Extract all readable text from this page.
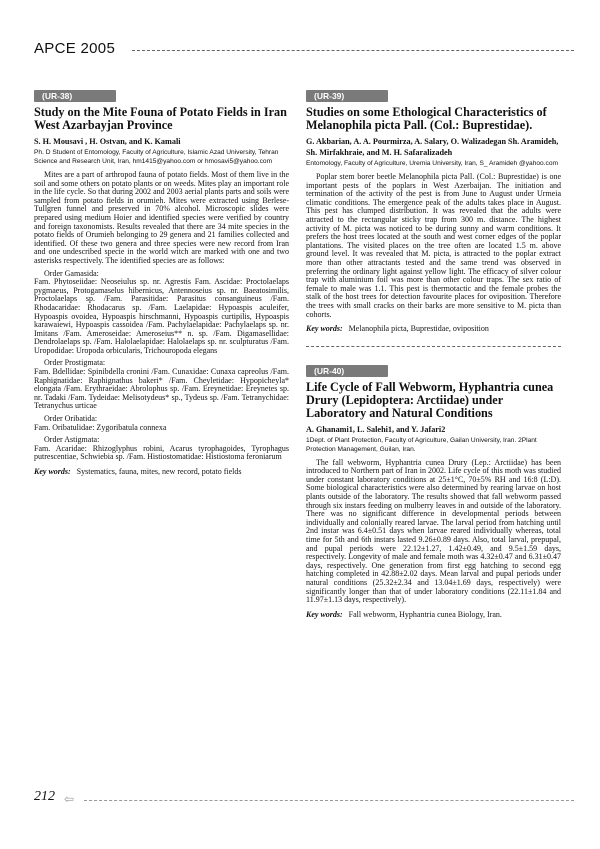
APCE 2005
(UR-38)
Study on the Mite Founa of Potato Fields in Iran West Azarbayjan Province
S. H. Mousavi , H. Ostvan, and K. Kamali
Ph. D Student of Entomology, Faculty of Agriculture, Islamic Azad University, Tehran Science and Research Unit, Iran, hm1415@yahoo.com or hmosavi5@yahoo.com

Mites are a part of arthropod fauna of potato fields. Most of them live in the soil and some others on potato plants or on weeds. Mites play an important role in the life cycle. So that during 2002 and 2003 aerial plants parts and soils were sampled from potato fields in orumieh. Mites were extracted using Berlese-Tullgren funnel and preserved in 70% alcohol. Microscopic slides were prepared using medium Hoier and identified species were verified by country and foreign taxonomists. Results revealed that there are 34 mite species in the potato fields of Orumieh belonging to 29 genera and 21 families collected and identified. Of these two genera and three species were new record from Iran and one undescribed specie in the world witch are marked with one and two asterisks respectively. The identified species are as follows:

Order Gamasida:
Fam. Phytoseiidae: Neoseiulus sp. nr. Agrestis Fam. Ascidae: Proctolaelaps pygmaeus, Protogamaselus hibernicus, Antennoseius sp. nr. Baeatosimilis, Proctolaelaps sp. /Fam. Parasitidae: Parasitus consanguineus /Fam. Rhodacaridae: Rhodacarus sp. /Fam. Laelapidae: Hypoaspis aculeifer, Hypoaspis ovoidea, Hypoaspis hirschmanni, Hypoaspis curtipilis, Hypoaspis karawaiewi, Hypoaspis cassoidea /Fam. Pachylaelapidae: Pachylaelaps sp. nr. Imitans /Fam. Ameroseidae: Ameroseius** n. sp. /Fam. Digamasellidae: Dendrolaelaps sp. /Fam. Halolaelapidae: Halolaelaps sp. nr. sculpturatus /Fam. Uropodidae: Uropoda orbicularis, Trichouropoda elegans
Order Prostigmata:
Fam. Bdellidae: Spinibdella cronini /Fam. Cunaxidae: Cunaxa capreolus /Fam. Raphignatidae: Raphignathus bakeri* /Fam. Cheyletidae: Hypopicheyla* elongata /Fam. Erythraeidae: Abrolophus sp. /Fam. Ereynetidae: Ereynetes sp. nr. Tadaki /Fam. Tydeidae: Melisotydeus* sp., Tydeus sp. /Fam. Tetranychidae: Tetranychus urticae
Order Oribatida:
Fam. Oribatulidae: Zygoribatula connexa
Order Astigmata:
Fam. Acaridae: Rhizoglyphus robini, Acarus tyrophagoides, Tyrophagus putrescentiae, Schwiebia sp. /Fam. Histiostomatidae: Histiostoma feroniarum
Key words: Systematics, fauna, mites, new record, potato fields
(UR-39)
Studies on some Ethological Characteristics of Melanophila picta Pall. (Col.: Buprestidae).
G. Akbarian, A. A. Pourmirza, A. Salary, O. Walizadegan Sh. Aramideh, Sh. Mirfakhraie, and M. H. Safaralizadeh
Entomology, Faculty of Agriculture, Uremia University, Iran, S_ Aramideh @yahoo.com

Poplar stem borer beetle Melanophila picta Pall. (Col.: Buprestidae) is one important pests of the poplars in West Azerbaijan. The initiation and termination of the activity of the pest is from June to August under Urmeia climatic conditions. The emergence peak of the adults takes place in August. This pest has clumped distribution. It was revealed that the adults were attracted to the rectangular sticky trap from 300 m. distance. The highest activity of M. picta was noticed to be during sunny and warm conditions. It prefers the host trees located at the south and west corner edges of the poplar plantations. The visited places on the tree often are located 1.5 m. above ground level. It was revealed that M. picta, is attracted to the poplar extract more than other attractants tested and the same trend was observed in preferring the ordinary light against yellow light. The efficacy of silver colour trap with aluminium foil was more than other colour traps. The sex ratio of female to male was 1.1. This pest is thermotactic and the female probes the stalk of the host trees for detection favourite places for oviposition. Therefore the trees with small cracks on their barks are more sensitive to M. picta than cohorts.

Key words: Melanophila picta, Buprestidae, oviposition
(UR-40)
Life Cycle of Fall Webworm, Hyphantria cunea Drury (Lepidoptera: Arctiidae) under Laboratory and Natural Conditions
A. Ghanami1, L. Salehi1, and Y. Jafari2
1Dept. of Plant Protection, Faculty of Agriculture, Gailan University, Iran. 2Plant Protection Management, Guilan, Iran.

The fall webworm, Hyphantria cunea Drury (Lep.: Arctiidae) has been introduced to Northern part of Iran in 2002. Life cycle of this moth was studied under constant laboratory conditions at 25±1°C, 70±5% RH and 16:8 (L:D). Some biological characteristics were also determined by rearing larvae on host plants outside of the laboratory. The results showed that fall webworm passed through six instars feeding on mulberry leaves in and outside of the laboratory. There was no significant difference in developmental periods between individually and colonially reared larvae. The larval period from hatching until 2nd instar was 6.4±0.51 days when larvae reared individually whereas, total time for 5th and 6th instars lasted 9.26±0.89 days. Also, total larval, prepupal, and pupal periods were 22.12±1.27, 1.42±0.49, and 9.5±1.59 days, respectively. Longevity of male and female moth was 4.32±0.47 and 6.31±0.47 days, respectively. One generation from first egg hatching to second egg hatching completed in 42.88±2.02 days. Mean larval and pupal periods under natural conditions (25.32±2.34 and 13.04±1.69 days, respectively) were significantly longer than that of under laboratory conditions (22.11±1.84 and 11.97±1.13 days, respectively).

Key words: Fall webworm, Hyphantria cunea Biology, Iran.
212 ⇦
